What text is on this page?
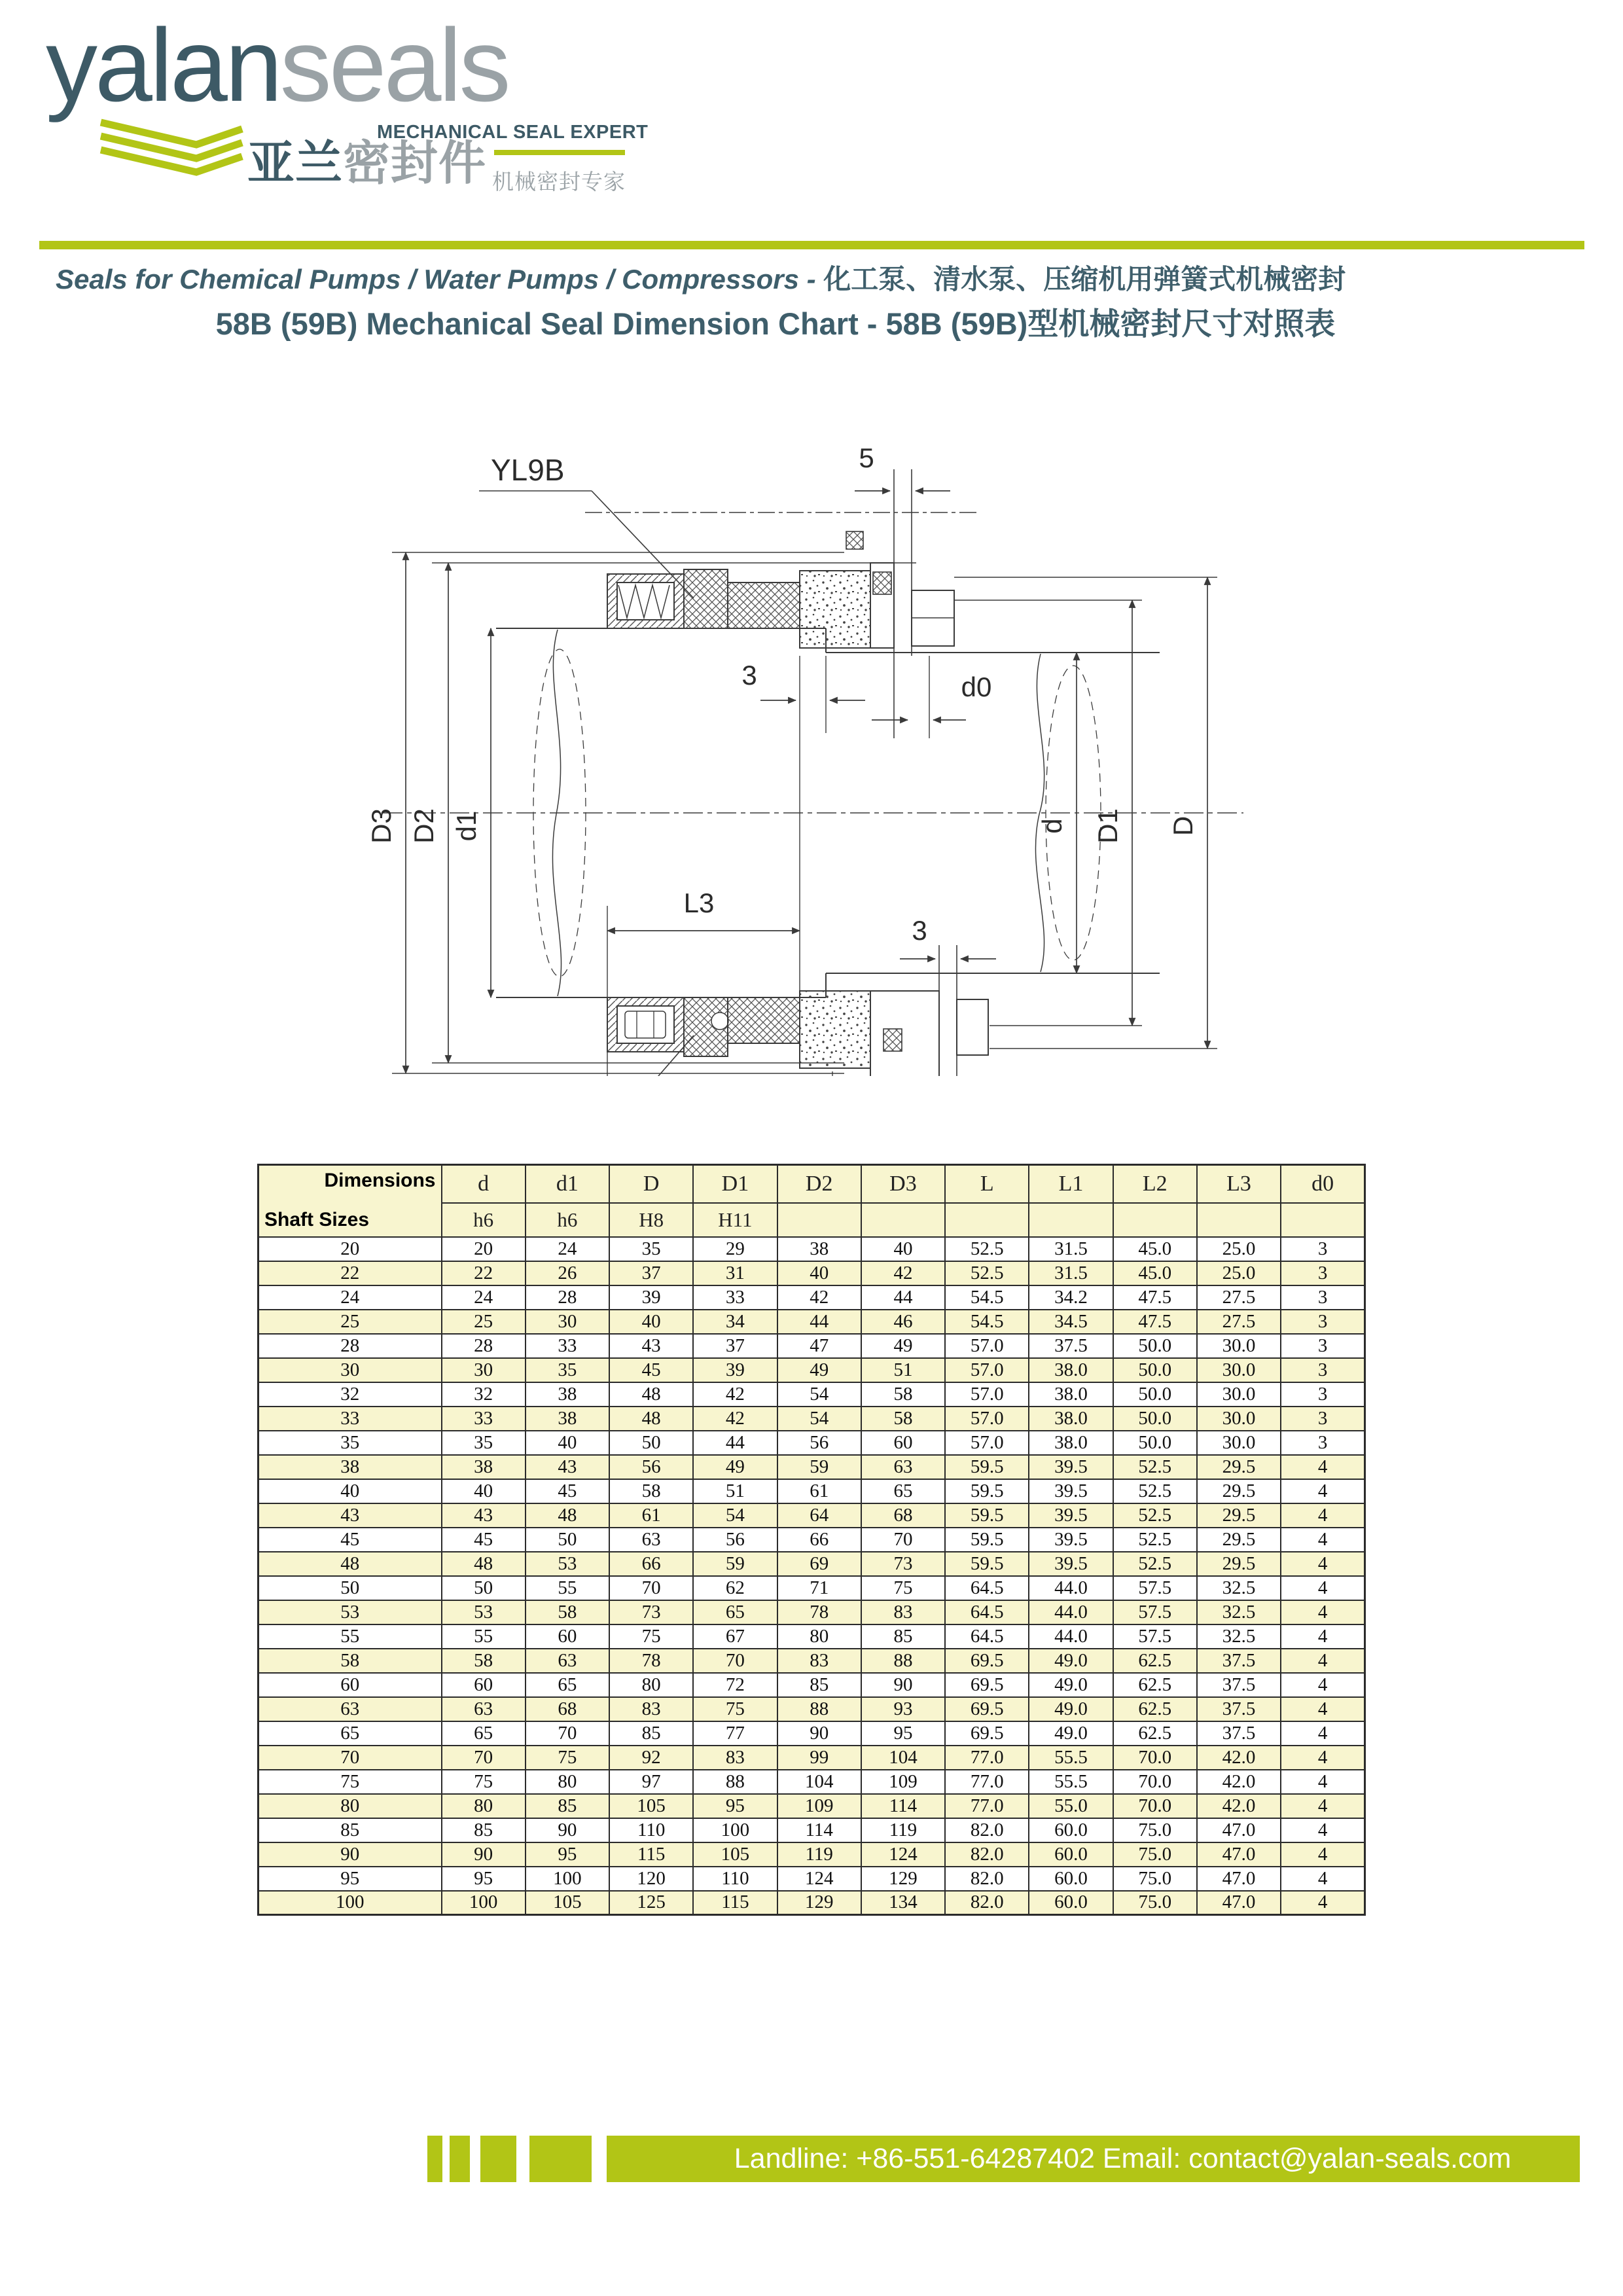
yalanseals
MECHANICAL SEAL EXPERT
亚兰密封件 机械密封专家
Seals for Chemical Pumps / Water Pumps / Compressors - 化工泵、清水泵、压缩机用弹簧式机械密封
58B (59B) Mechanical Seal Dimension Chart - 58B (59B)型机械密封尺寸对照表
YL9B	5
3	d0
3
D3 D2 d1	d D1 D
L3
Dimensions
Shaft Sizes	d	d1	D	D1	D2	D3	L	L1	L2	L3	d0
	h6	h6	H8	H11							
20	20	24	35	29	38	40	52.5	31.5	45.0	25.0	3
22	22	26	37	31	40	42	52.5	31.5	45.0	25.0	3
24	24	28	39	33	42	44	54.5	34.2	47.5	27.5	3
25	25	30	40	34	44	46	54.5	34.5	47.5	27.5	3
28	28	33	43	37	47	49	57.0	37.5	50.0	30.0	3
30	30	35	45	39	49	51	57.0	38.0	50.0	30.0	3
32	32	38	48	42	54	58	57.0	38.0	50.0	30.0	3
33	33	38	48	42	54	58	57.0	38.0	50.0	30.0	3
35	35	40	50	44	56	60	57.0	38.0	50.0	30.0	3
38	38	43	56	49	59	63	59.5	39.5	52.5	29.5	4
40	40	45	58	51	61	65	59.5	39.5	52.5	29.5	4
43	43	48	61	54	64	68	59.5	39.5	52.5	29.5	4
45	45	50	63	56	66	70	59.5	39.5	52.5	29.5	4
48	48	53	66	59	69	73	59.5	39.5	52.5	29.5	4
50	50	55	70	62	71	75	64.5	44.0	57.5	32.5	4
53	53	58	73	65	78	83	64.5	44.0	57.5	32.5	4
55	55	60	75	67	80	85	64.5	44.0	57.5	32.5	4
58	58	63	78	70	83	88	69.5	49.0	62.5	37.5	4
60	60	65	80	72	85	90	69.5	49.0	62.5	37.5	4
63	63	68	83	75	88	93	69.5	49.0	62.5	37.5	4
65	65	70	85	77	90	95	69.5	49.0	62.5	37.5	4
70	70	75	92	83	99	104	77.0	55.5	70.0	42.0	4
75	75	80	97	88	104	109	77.0	55.5	70.0	42.0	4
80	80	85	105	95	109	114	77.0	55.0	70.0	42.0	4
85	85	90	110	100	114	119	82.0	60.0	75.0	47.0	4
90	90	95	115	105	119	124	82.0	60.0	75.0	47.0	4
95	95	100	120	110	124	129	82.0	60.0	75.0	47.0	4
100	100	105	125	115	129	134	82.0	60.0	75.0	47.0	4
Landline: +86-551-64287402 Email: contact@yalan-seals.com
